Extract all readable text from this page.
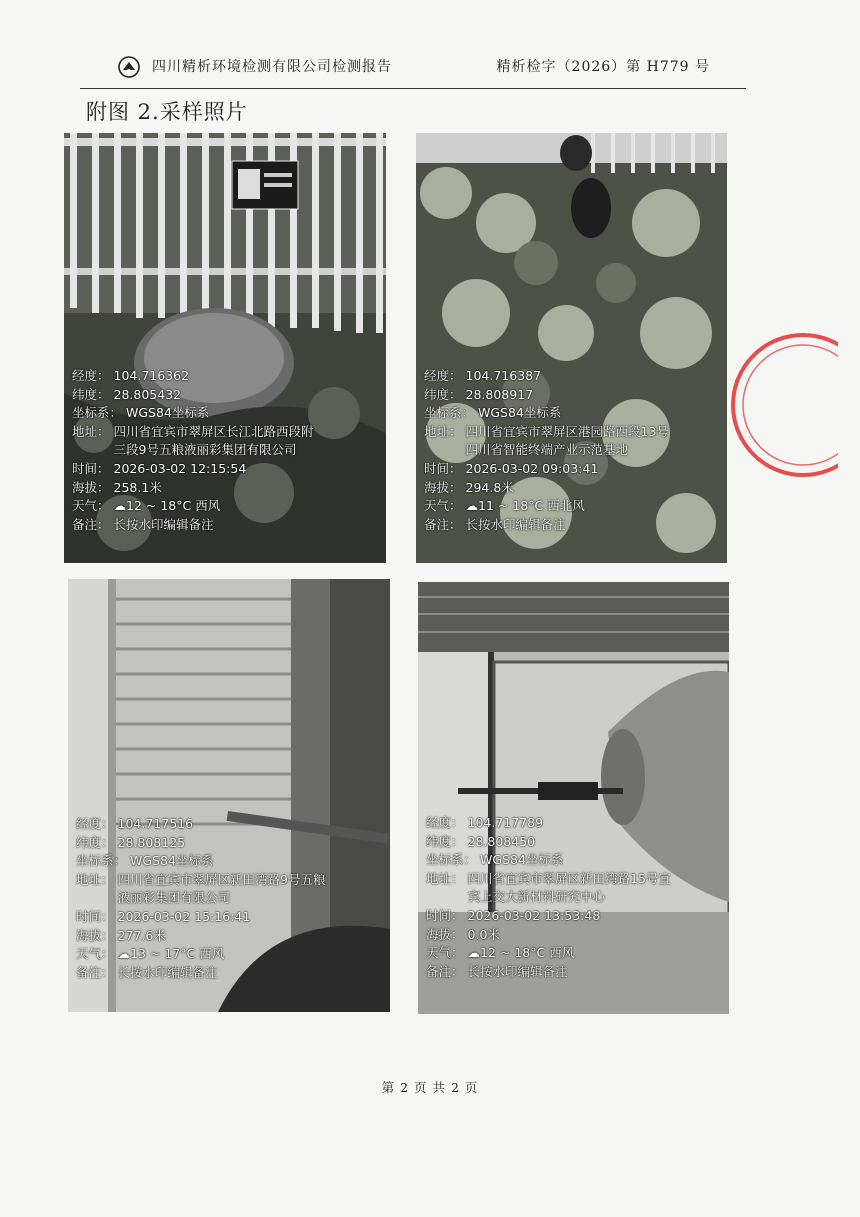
四川精析环境检测有限公司检测报告	精析检字（2026）第 H779 号
附图 2.采样照片
经度： 104.716362
纬度： 28.805432
坐标系： WGS84坐标系
地址： 四川省宜宾市翠屏区长江北路西段附三段9号五粮液丽彩集团有限公司
时间： 2026-03-02 12:15:54
海拔： 258.1米
天气： ☁ 12 ~ 18°C 西风
备注： 长按水印编辑备注
经度： 104.716387
纬度： 28.808917
坐标系： WGS84坐标系
地址： 四川省宜宾市翠屏区港园路西段13号四川省智能终端产业示范基地
时间： 2026-03-02 09:03:41
海拔： 294.8米
天气： ☁ 11 ~ 18°C 西北风
备注： 长按水印编辑备注
经度： 104.717516
纬度： 28.808125
坐标系： WGS84坐标系
地址： 四川省宜宾市翠屏区新田湾路9号五粮液丽彩集团有限公司
时间： 2026-03-02 15:16:41
海拔： 277.6米
天气： ☁ 13 ~ 17°C 西风
备注： 长按水印编辑备注
经度： 104.717789
纬度： 28.808450
坐标系： WGS84坐标系
地址： 四川省宜宾市翠屏区新田湾路15号宜宾上交大新材料研究中心
时间： 2026-03-02 13:53:48
海拔： 0.0米
天气： ☁ 12 ~ 18°C 西风
备注： 长按水印编辑备注
第 2 页 共 2 页
